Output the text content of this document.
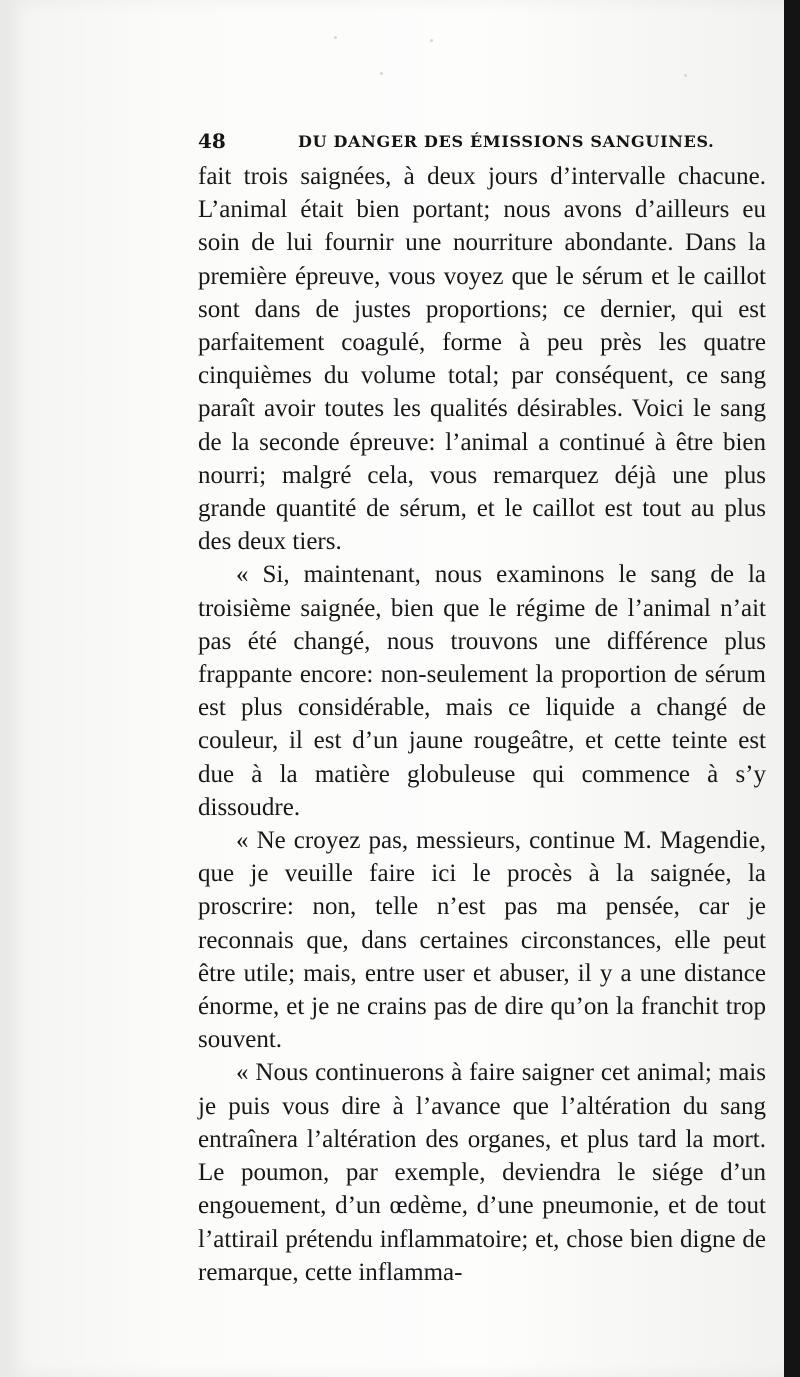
48	DU DANGER DES ÉMISSIONS SANGUINES.

fait trois saignées, à deux jours d’intervalle chacune. L’animal était bien portant; nous avons d’ailleurs eu soin de lui fournir une nourriture abondante. Dans la première épreuve, vous voyez que le sérum et le caillot sont dans de justes proportions; ce dernier, qui est parfaitement coagulé, forme à peu près les quatre cinquièmes du volume total; par conséquent, ce sang paraît avoir toutes les qualités désirables. Voici le sang de la seconde épreuve: l’animal a continué à être bien nourri; malgré cela, vous remarquez déjà une plus grande quantité de sérum, et le caillot est tout au plus des deux tiers.

« Si, maintenant, nous examinons le sang de la troisième saignée, bien que le régime de l’animal n’ait pas été changé, nous trouvons une différence plus frappante encore: non-seulement la proportion de sérum est plus considérable, mais ce liquide a changé de couleur, il est d’un jaune rougeâtre, et cette teinte est due à la matière globuleuse qui commence à s’y dissoudre.

« Ne croyez pas, messieurs, continue M. Magendie, que je veuille faire ici le procès à la saignée, la proscrire: non, telle n’est pas ma pensée, car je reconnais que, dans certaines circonstances, elle peut être utile; mais, entre user et abuser, il y a une distance énorme, et je ne crains pas de dire qu’on la franchit trop souvent.

« Nous continuerons à faire saigner cet animal; mais je puis vous dire à l’avance que l’altération du sang entraînera l’altération des organes, et plus tard la mort. Le poumon, par exemple, deviendra le siége d’un engouement, d’un œdème, d’une pneumonie, et de tout l’attirail prétendu inflammatoire; et, chose bien digne de remarque, cette inflamma-
